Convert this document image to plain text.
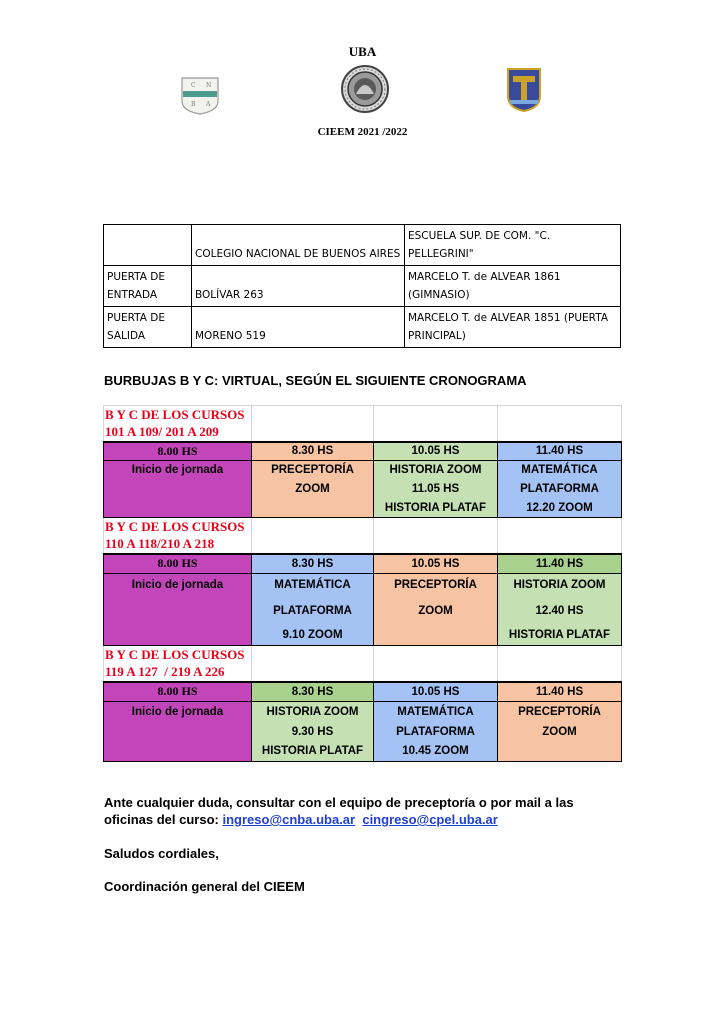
UBA
C N
B A
CIEEM 2021 /2022
	COLEGIO NACIONAL DE BUENOS AIRES	ESCUELA SUP. DE COM. "C. PELLEGRINI"
PUERTA DE ENTRADA	BOLÍVAR 263	MARCELO T. de ALVEAR 1861 (GIMNASIO)
PUERTA DE SALIDA	MORENO 519	MARCELO T. de ALVEAR 1851 (PUERTA PRINCIPAL)
BURBUJAS B Y C: VIRTUAL, SEGÚN EL SIGUIENTE CRONOGRAMA
B Y C DE LOS CURSOS
101 A 109/ 201 A 209			

8.00 HS	8.30 HS	10.05 HS	11.40 HS
Inicio de jornada	PRECEPTORÍA	HISTORIA ZOOM	MATEMÁTICA
	ZOOM	11.05 HS	PLATAFORMA
		HISTORIA PLATAF	12.20 ZOOM

B Y C DE LOS CURSOS
110 A 118/210 A 218			

8.00 HS	8.30 HS	10.05 HS	11.40 HS
Inicio de jornada	MATEMÁTICA	PRECEPTORÍA	HISTORIA ZOOM
	PLATAFORMA	ZOOM	12.40 HS
	9.10 ZOOM		HISTORIA PLATAF

B Y C DE LOS CURSOS
119 A 127  / 219 A 226			

8.00 HS	8.30 HS	10.05 HS	11.40 HS
Inicio de jornada	HISTORIA ZOOM	MATEMÁTICA	PRECEPTORÍA
	9.30 HS	PLATAFORMA	ZOOM
	HISTORIA PLATAF	10.45 ZOOM	
Ante cualquier duda, consultar con el equipo de preceptoría o por mail a las
oficinas del curso: ingreso@cnba.uba.ar cingreso@cpel.uba.ar
Saludos cordiales,
Coordinación general del CIEEM
